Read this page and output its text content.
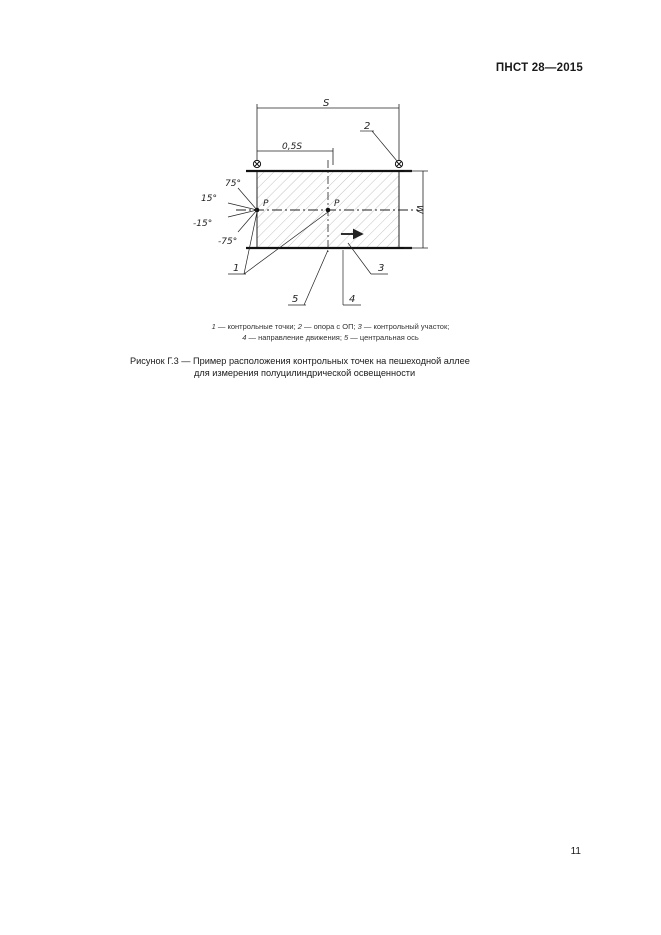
ПНСТ 28—2015
S
0,5S
W
P	P
75°
15°
-15°
-75°
1
2
3
4
5
1 — контрольные точки; 2 — опора с ОП; 3 — контрольный участок;
4 — направление движения; 5 — центральная ось
Рисунок Г.3 — Пример расположения контрольных точек на пешеходной аллее
для измерения полуцилиндрической освещенности
11
